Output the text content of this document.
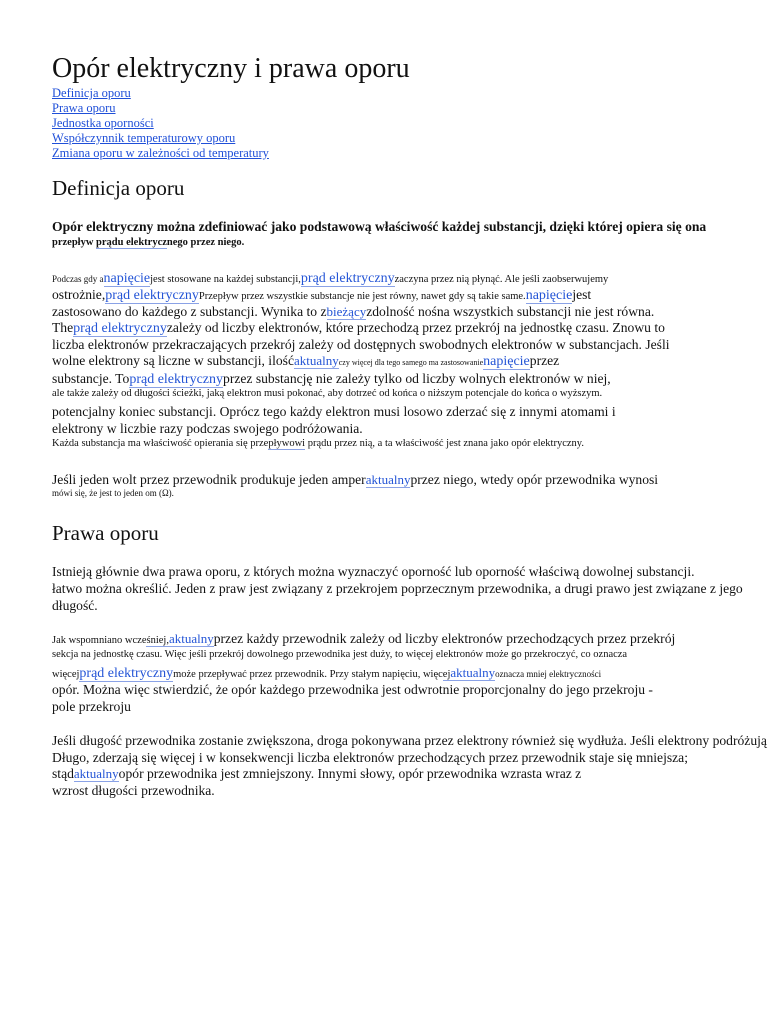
Opór elektryczny i prawa oporu
Definicja oporu
Prawa oporu
Jednostka oporności
Współczynnik temperaturowy oporu
Zmiana oporu w zależności od temperatury
Definicja oporu
Opór elektryczny można zdefiniować jako podstawową właściwość każdej substancji, dzięki której opiera się ona
przepływ prądu elektrycznego przez niego.
Podczas gdy anapięciejest stosowane na każdej substancji,prąd elektrycznyzaczyna przez nią płynąć. Ale jeśli zaobserwujemy
ostrożnie,prąd elektrycznyPrzepływ przez wszystkie substancje nie jest równy, nawet gdy są takie same.napięciejest
zastosowano do każdego z substancji. Wynika to zbieżącyzdolność nośna wszystkich substancji nie jest równa.
Theprąd elektrycznyzależy od liczby elektronów, które przechodzą przez przekrój na jednostkę czasu. Znowu to
liczba elektronów przekraczających przekrój zależy od dostępnych swobodnych elektronów w substancjach. Jeśli
wolne elektrony są liczne w substancji, ilośćaktualnyczy więcej dla tego samego ma zastosowanienapięcieprzez
substancje. Toprąd elektrycznyprzez substancję nie zależy tylko od liczby wolnych elektronów w niej,
ale także zależy od długości ścieżki, jaką elektron musi pokonać, aby dotrzeć od końca o niższym potencjale do końca o wyższym.
potencjalny koniec substancji. Oprócz tego każdy elektron musi losowo zderzać się z innymi atomami i
elektrony w liczbie razy podczas swojego podróżowania.
Każda substancja ma właściwość opierania się przepływowi prądu przez nią, a ta właściwość jest znana jako opór elektryczny.
Jeśli jeden wolt przez przewodnik produkuje jeden amperaktualnyprzez niego, wtedy opór przewodnika wynosi
mówi się, że jest to jeden om (Ω).
Prawa oporu
Istnieją głównie dwa prawa oporu, z których można wyznaczyć oporność lub oporność właściwą dowolnej substancji.
łatwo można określić. Jeden z praw jest związany z przekrojem poprzecznym przewodnika, a drugi prawo jest związane z jego
długość.
Jak wspomniano wcześniej,aktualnyprzez każdy przewodnik zależy od liczby elektronów przechodzących przez przekrój
sekcja na jednostkę czasu. Więc jeśli przekrój dowolnego przewodnika jest duży, to więcej elektronów może go przekroczyć, co oznacza
więcejprąd elektrycznymoże przepływać przez przewodnik. Przy stałym napięciu, więcejaktualnyoznacza mniej elektryczności
opór. Można więc stwierdzić, że opór każdego przewodnika jest odwrotnie proporcjonalny do jego przekroju -
pole przekroju
Jeśli długość przewodnika zostanie zwiększona, droga pokonywana przez elektrony również się wydłuża. Jeśli elektrony podróżują
Długo, zderzają się więcej i w konsekwencji liczba elektronów przechodzących przez przewodnik staje się mniejsza;
stądaktualnyopór przewodnika jest zmniejszony. Innymi słowy, opór przewodnika wzrasta wraz z
wzrost długości przewodnika.
